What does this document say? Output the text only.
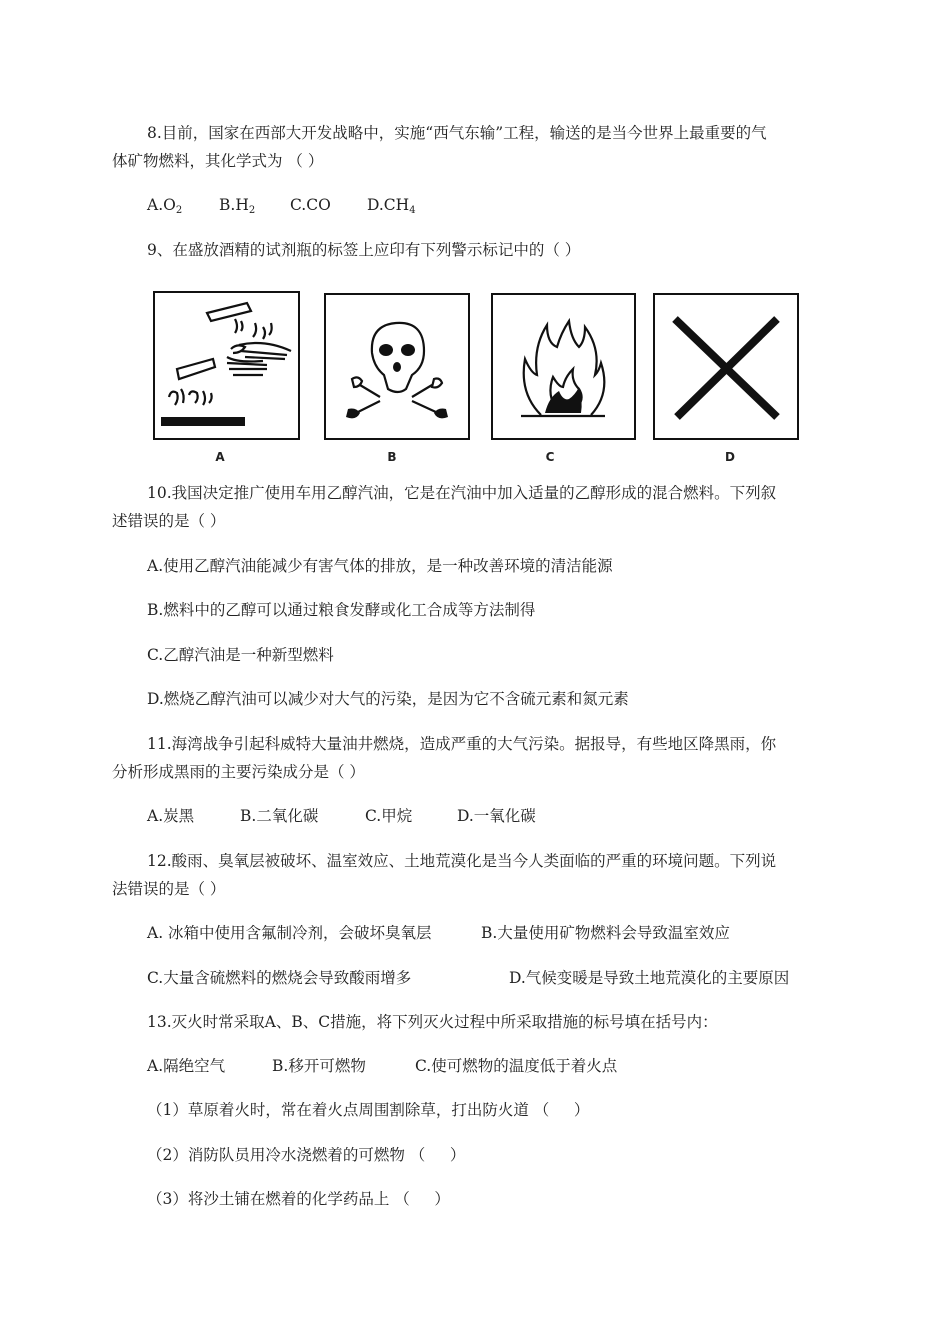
8.目前，国家在西部大开发战略中，实施“西气东输”工程，输送的是当今世界上最重要的气
体矿物燃料，其化学式为 （ ）
$A.O_2$ $B.H_2$ C.CO $D.CH_4$
9、在盛放酒精的试剂瓶的标签上应印有下列警示标记中的（ ）
A	B	C	D
10.我国决定推广使用车用乙醇汽油，它是在汽油中加入适量的乙醇形成的混合燃料。下列叙
述错误的是（ ）
A.使用乙醇汽油能减少有害气体的排放，是一种改善环境的清洁能源
B.燃料中的乙醇可以通过粮食发酵或化工合成等方法制得
C.乙醇汽油是一种新型燃料
D.燃烧乙醇汽油可以减少对大气的污染，是因为它不含硫元素和氮元素
11.海湾战争引起科威特大量油井燃烧，造成严重的大气污染。据报导，有些地区降黑雨，你
分析形成黑雨的主要污染成分是（ ）
A.炭黑	B.二氧化碳	C.甲烷	D.一氧化碳
12.酸雨、臭氧层被破坏、温室效应、土地荒漠化是当今人类面临的严重的环境问题。下列说
法错误的是（ ）
A. 冰箱中使用含氟制冷剂，会破坏臭氧层	B.大量使用矿物燃料会导致温室效应
C.大量含硫燃料的燃烧会导致酸雨增多	D.气候变暖是导致土地荒漠化的主要原因
13.灭火时常采取A、B、C措施，将下列灭火过程中所采取措施的标号填在括号内：
A.隔绝空气	B.移开可燃物	C.使可燃物的温度低于着火点
（1）草原着火时，常在着火点周围割除草，打出防火道 （     ）
（2）消防队员用冷水浇燃着的可燃物 （     ）
（3）将沙土铺在燃着的化学药品上 （     ）
